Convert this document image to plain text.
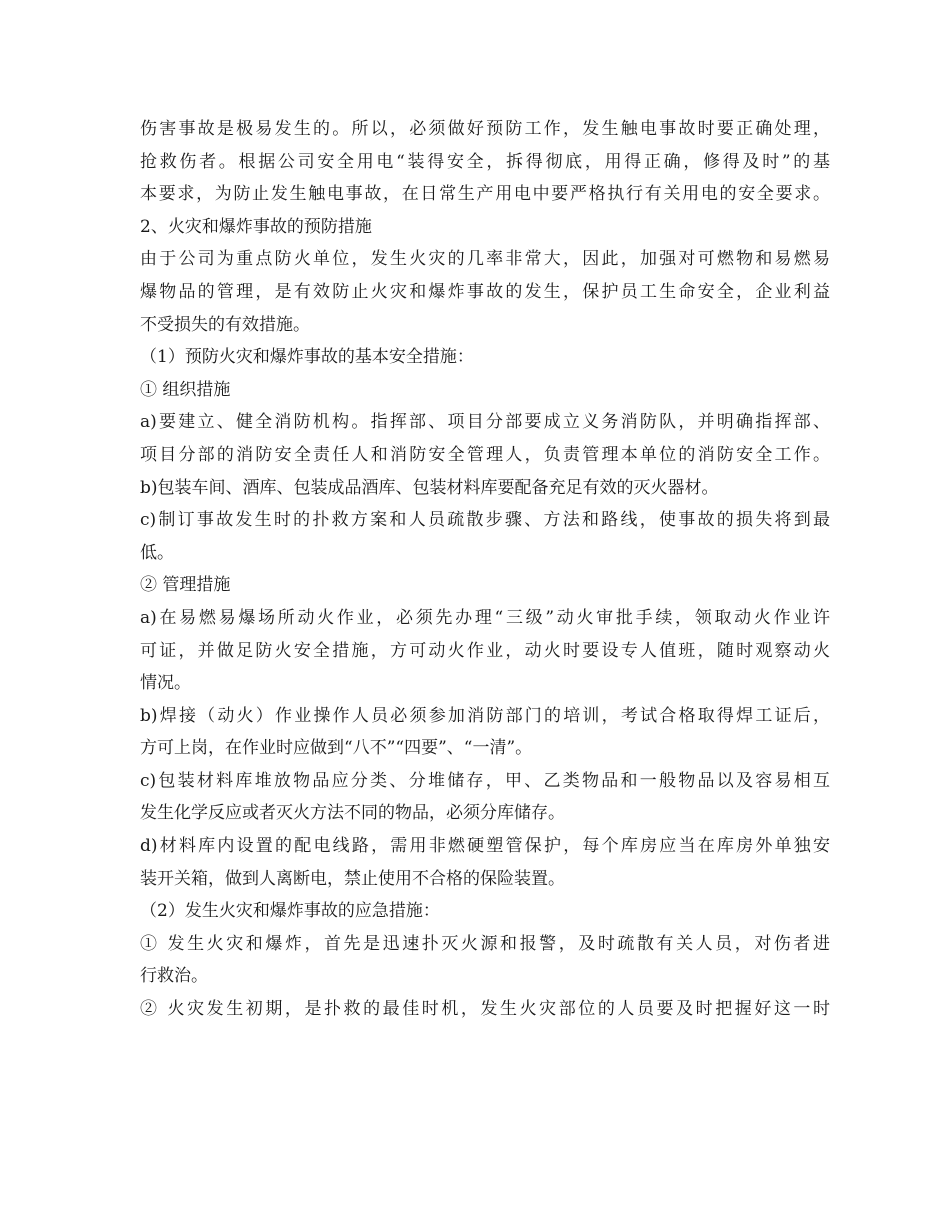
伤害事故是极易发生的。所以，必须做好预防工作，发生触电事故时要正确处理，
抢救伤者。根据公司安全用电“装得安全，拆得彻底，用得正确，修得及时”的基
本要求，为防止发生触电事故，在日常生产用电中要严格执行有关用电的安全要求。
2、火灾和爆炸事故的预防措施
由于公司为重点防火单位，发生火灾的几率非常大，因此，加强对可燃物和易燃易
爆物品的管理，是有效防止火灾和爆炸事故的发生，保护员工生命安全，企业利益
不受损失的有效措施。
（1）预防火灾和爆炸事故的基本安全措施：
① 组织措施
a)要建立、健全消防机构。指挥部、项目分部要成立义务消防队，并明确指挥部、
项目分部的消防安全责任人和消防安全管理人，负责管理本单位的消防安全工作。
b)包装车间、酒库、包装成品酒库、包装材料库要配备充足有效的灭火器材。
c)制订事故发生时的扑救方案和人员疏散步骤、方法和路线，使事故的损失将到最
低。
② 管理措施
a)在易燃易爆场所动火作业，必须先办理“三级”动火审批手续，领取动火作业许
可证，并做足防火安全措施，方可动火作业，动火时要设专人值班，随时观察动火
情况。
b)焊接（动火）作业操作人员必须参加消防部门的培训，考试合格取得焊工证后，
方可上岗，在作业时应做到“八不”“四要”、“一清”。
c)包装材料库堆放物品应分类、分堆储存，甲、乙类物品和一般物品以及容易相互
发生化学反应或者灭火方法不同的物品，必须分库储存。
d)材料库内设置的配电线路，需用非燃硬塑管保护，每个库房应当在库房外单独安
装开关箱，做到人离断电，禁止使用不合格的保险装置。
（2）发生火灾和爆炸事故的应急措施：
① 发生火灾和爆炸，首先是迅速扑灭火源和报警，及时疏散有关人员，对伤者进
行救治。
② 火灾发生初期，是扑救的最佳时机，发生火灾部位的人员要及时把握好这一时
